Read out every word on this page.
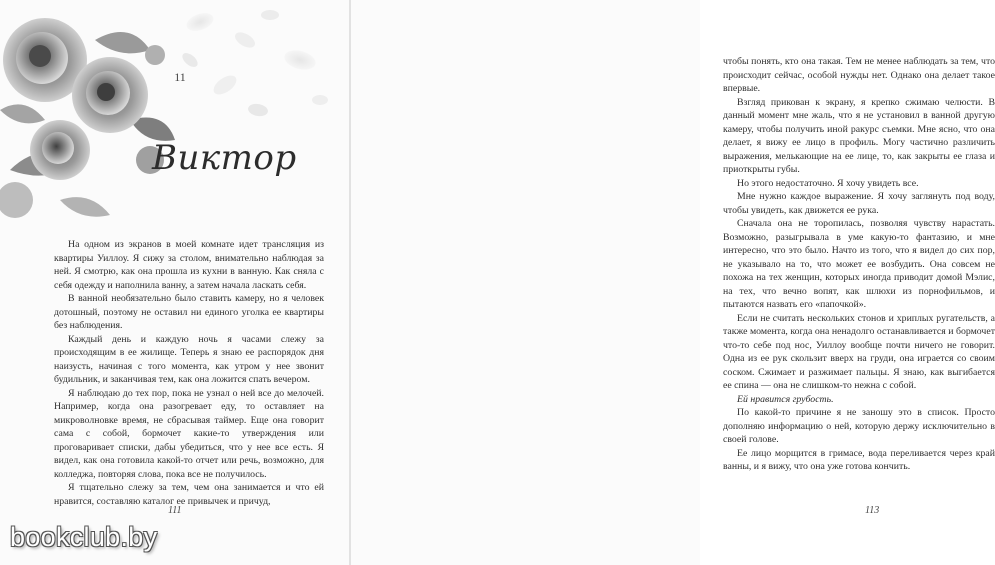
11
Виктор

На одном из экранов в моей комнате идет трансляция из квартиры Уиллоу. Я сижу за столом, внимательно наблюдая за ней. Я смотрю, как она прошла из кухни в ванную. Как сняла с себя одежду и наполнила ванну, а затем начала ласкать себя.

В ванной необязательно было ставить камеру, но я человек дотошный, поэтому не оставил ни единого уголка ее квартиры без наблюдения.

Каждый день и каждую ночь я часами слежу за происходящим в ее жилище. Теперь я знаю ее распорядок дня наизусть, начиная с того момента, как утром у нее звонит будильник, и заканчивая тем, как она ложится спать вечером.

Я наблюдаю до тех пор, пока не узнал о ней все до мелочей. Например, когда она разогревает еду, то оставляет на микроволновке время, не сбрасывая таймер. Еще она говорит сама с собой, бормочет какие-то утверждения или проговаривает списки, дабы убедиться, что у нее все есть. Я видел, как она готовила какой-то отчет или речь, возможно, для колледжа, повторяя слова, пока все не получилось.

Я тщательно слежу за тем, чем она занимается и что ей нравится, составляю каталог ее привычек и причуд,

111

чтобы понять, кто она такая. Тем не менее наблюдать за тем, что происходит сейчас, особой нужды нет. Однако она делает такое впервые.

Взгляд прикован к экрану, я крепко сжимаю челюсти. В данный момент мне жаль, что я не установил в ванной другую камеру, чтобы получить иной ракурс съемки. Мне ясно, что она делает, я вижу ее лицо в профиль. Могу частично различить выражения, мелькающие на ее лице, то, как закрыты ее глаза и приоткрыты губы.

Но этого недостаточно. Я хочу увидеть все.

Мне нужно каждое выражение. Я хочу заглянуть под воду, чтобы увидеть, как движется ее рука.

Сначала она не торопилась, позволяя чувству нарастать. Возможно, разыгрывала в уме какую-то фантазию, и мне интересно, что это было. Начто из того, что я видел до сих пор, не указывало на то, что может ее возбудить. Она совсем не похожа на тех женщин, которых иногда приводит домой Мэлис, на тех, что вечно вопят, как шлюхи из порнофильмов, и пытаются назвать его «папочкой».

Если не считать нескольких стонов и хриплых ругательств, а также момента, когда она ненадолго останавливается и бормочет что-то себе под нос, Уиллоу вообще почти ничего не говорит. Одна из ее рук скользит вверх на груди, она играется со своим соском. Сжимает и разжимает пальцы. Я знаю, как выгибается ее спина — она не слишком-то нежна с собой.

Ей нравится грубость.

По какой-то причине я не заношу это в список. Просто дополняю информацию о ней, которую держу исключительно в своей голове.

Ее лицо морщится в гримасе, вода переливается через край ванны, и я вижу, что она уже готова кончить.

113
bookclub.by
